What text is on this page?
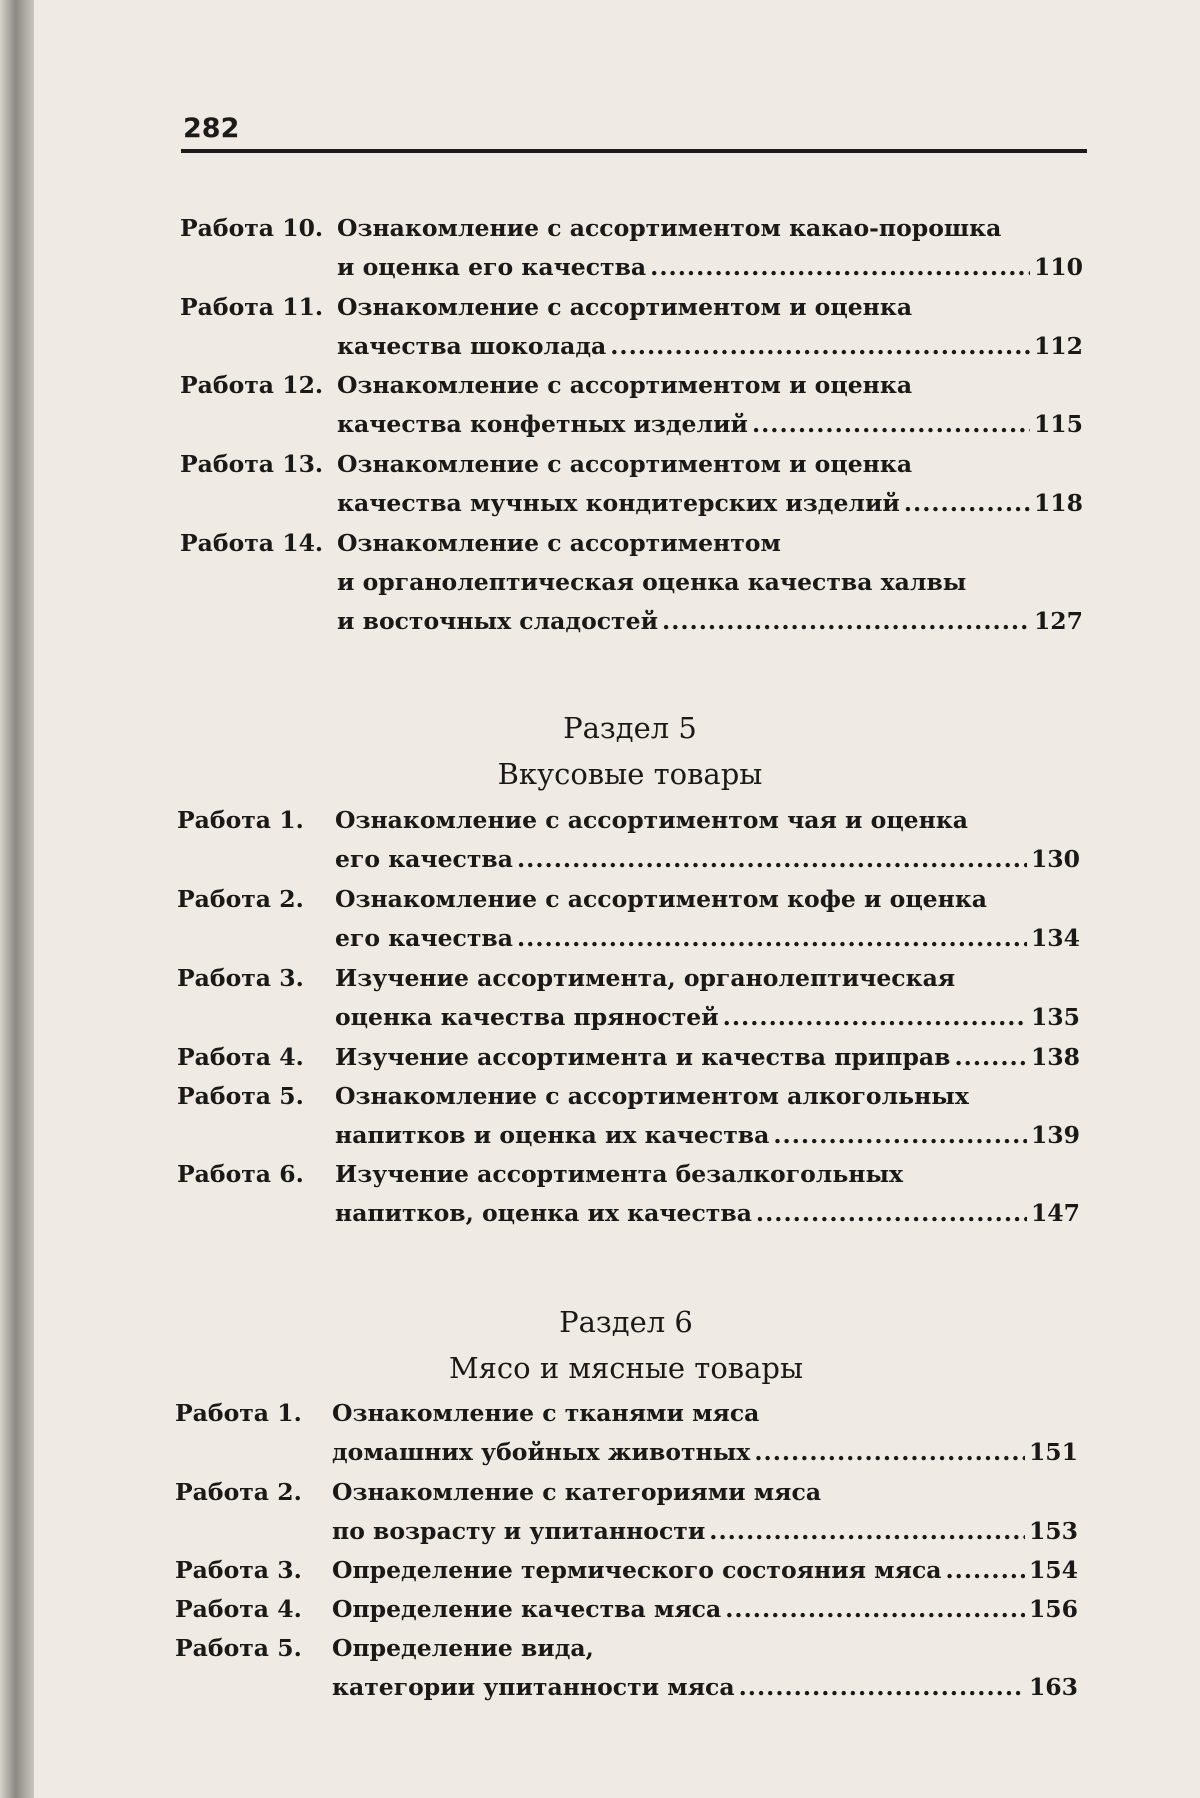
282
Работа 10. Ознакомление с ассортиментом какао-порошка
и оценка его качества .....	110
Работа 11. Ознакомление с ассортиментом и оценка
качества шоколада .....	112
Работа 12. Ознакомление с ассортиментом и оценка
качества конфетных изделий .....	115
Работа 13. Ознакомление с ассортиментом и оценка
качества мучных кондитерских изделий .....	118
Работа 14. Ознакомление с ассортиментом
и органолептическая оценка качества халвы
и восточных сладостей .....	127
Раздел 5
Вкусовые товары
Работа 1. Ознакомление с ассортиментом чая и оценка
его качества .....	130
Работа 2. Ознакомление с ассортиментом кофе и оценка
его качества .....	134
Работа 3. Изучение ассортимента, органолептическая
оценка качества пряностей .....	135
Работа 4. Изучение ассортимента и качества приправ .....	138
Работа 5. Ознакомление с ассортиментом алкогольных
напитков и оценка их качества .....	139
Работа 6. Изучение ассортимента безалкогольных
напитков, оценка их качества .....	147
Раздел 6
Мясо и мясные товары
Работа 1. Ознакомление с тканями мяса
домашних убойных животных .....	151
Работа 2. Ознакомление с категориями мяса
по возрасту и упитанности .....	153
Работа 3. Определение термического состояния мяса .....	154
Работа 4. Определение качества мяса .....	156
Работа 5. Определение вида,
категории упитанности мяса .....	163
